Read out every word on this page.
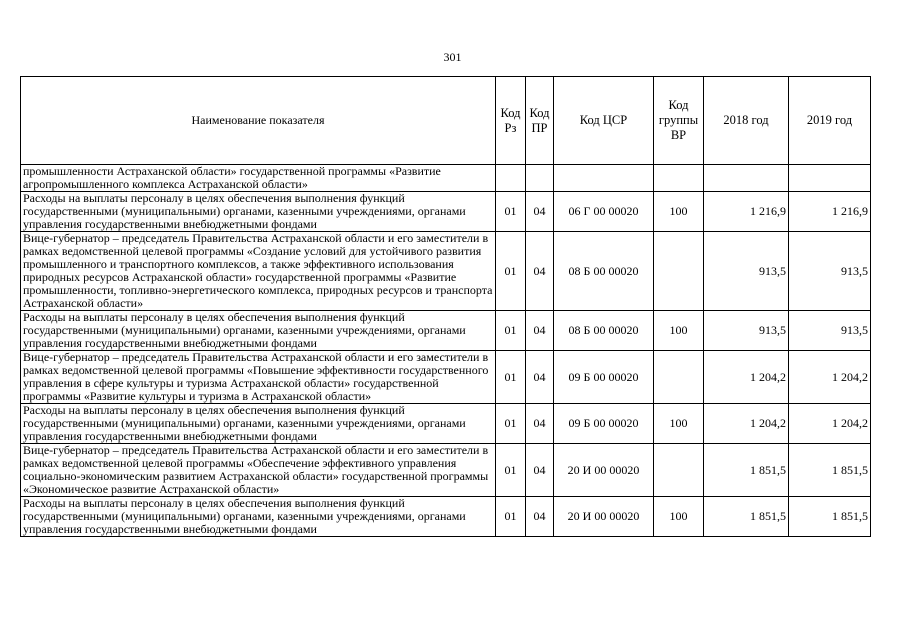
301
Наименование показателя	Код Рз	Код ПР	Код ЦСР	Код группы ВР	2018 год	2019 год
промышленности Астраханской области» государственной программы «Развитие агропромышленного комплекса Астраханской области»						
Расходы на выплаты персоналу в целях обеспечения выполнения функций государственными (муниципальными) органами, казенными учреждениями, органами управления государственными внебюджетными фондами	01	04	06 Г 00 00020	100	1 216,9	1 216,9
Вице-губернатор – председатель Правительства Астраханской области и его заместители в рамках ведомственной целевой программы «Создание условий для устойчивого развития промышленного и транспортного комплексов, а также эффективного использования природных ресурсов Астраханской области» государственной программы «Развитие промышленности, топливно-энергетического комплекса, природных ресурсов и транспорта Астраханской области»	01	04	08 Б 00 00020		913,5	913,5
Расходы на выплаты персоналу в целях обеспечения выполнения функций государственными (муниципальными) органами, казенными учреждениями, органами управления государственными внебюджетными фондами	01	04	08 Б 00 00020	100	913,5	913,5
Вице-губернатор – председатель Правительства Астраханской области и его заместители в рамках ведомственной целевой программы «Повышение эффективности государственного управления в сфере культуры и туризма Астраханской области» государственной программы «Развитие культуры и туризма в Астраханской области»	01	04	09 Б 00 00020		1 204,2	1 204,2
Расходы на выплаты персоналу в целях обеспечения выполнения функций государственными (муниципальными) органами, казенными учреждениями, органами управления государственными внебюджетными фондами	01	04	09 Б 00 00020	100	1 204,2	1 204,2
Вице-губернатор – председатель Правительства Астраханской области и его заместители в рамках ведомственной целевой программы «Обеспечение эффективного управления социально-экономическим развитием Астраханской области» государственной программы «Экономическое развитие Астраханской области»	01	04	20 И 00 00020		1 851,5	1 851,5
Расходы на выплаты персоналу в целях обеспечения выполнения функций государственными (муниципальными) органами, казенными учреждениями, органами управления государственными внебюджетными фондами	01	04	20 И 00 00020	100	1 851,5	1 851,5
